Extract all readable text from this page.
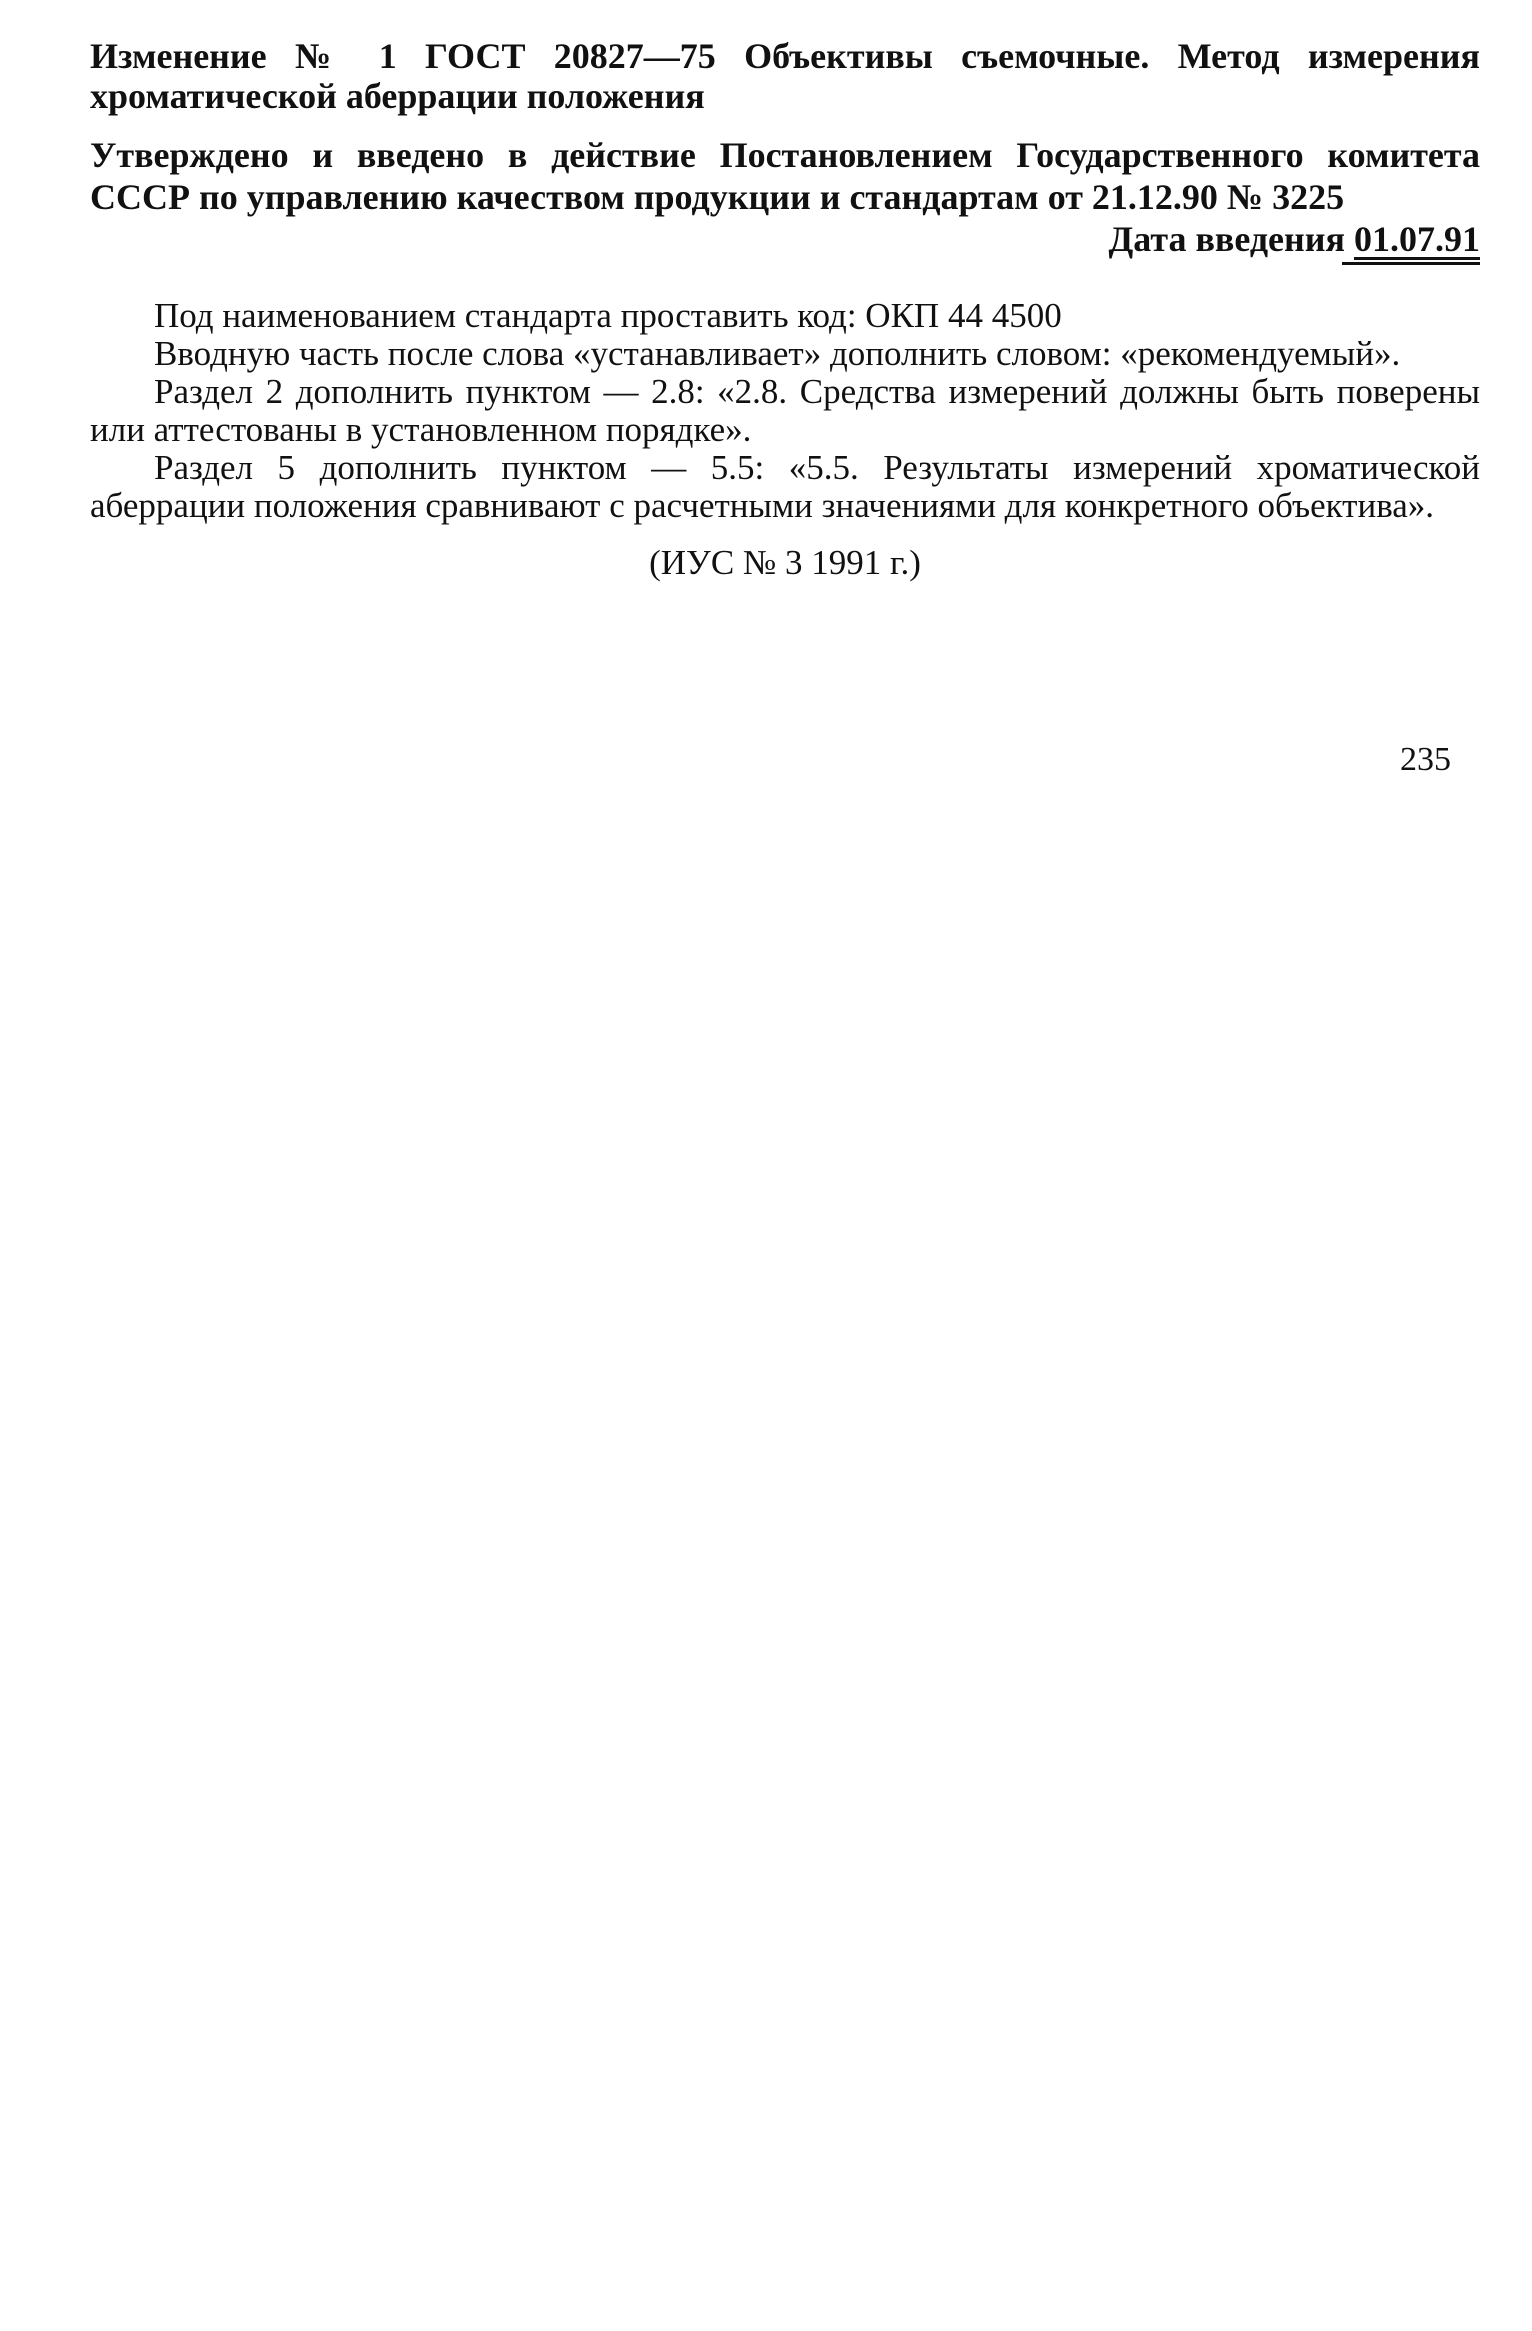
Изменение № 1 ГОСТ 20827—75 Объективы съемочные. Метод измерения хроматической аберрации положения
Утверждено и введено в действие Постановлением Государственного комитета СССР по управлению качеством продукции и стандартам от 21.12.90 № 3225
Дата введения 01.07.91

Под наименованием стандарта проставить код: ОКП 44 4500

Вводную часть после слова «устанавливает» дополнить словом: «рекомендуемый».

Раздел 2 дополнить пунктом — 2.8: «2.8. Средства измерений должны быть поверены или аттестованы в установленном порядке».

Раздел 5 дополнить пунктом — 5.5: «5.5. Результаты измерений хроматической аберрации положения сравнивают с расчетными значениями для конкретного объектива».

(ИУС № 3 1991 г.)
235
